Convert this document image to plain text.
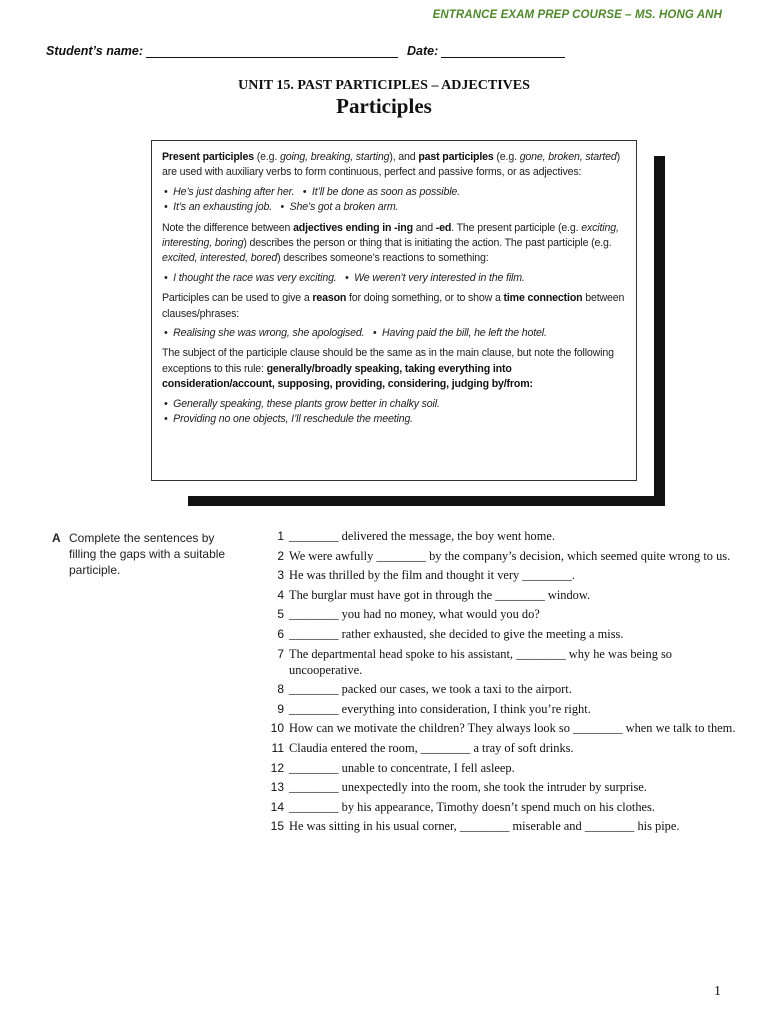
ENTRANCE EXAM PREP COURSE – MS. HONG ANH
Student’s name:	Date:
UNIT 15. PAST PARTICIPLES – ADJECTIVES
Participles

Present participles (e.g. going, breaking, starting), and past participles (e.g. gone, broken, started) are used with auxiliary verbs to form continuous, perfect and passive forms, or as adjectives:

•  He’s just dashing after her.   •  It’ll be done as soon as possible.
•  It’s an exhausting job.   •  She’s got a broken arm.

Note the difference between adjectives ending in -ing and -ed. The present participle (e.g. exciting, interesting, boring) describes the person or thing that is initiating the action. The past participle (e.g. excited, interested, bored) describes someone’s reactions to something:

•  I thought the race was very exciting.   •  We weren’t very interested in the film.

Participles can be used to give a reason for doing something, or to show a time connection between clauses/phrases:

•  Realising she was wrong, she apologised.   •  Having paid the bill, he left the hotel.

The subject of the participle clause should be the same as in the main clause, but note the following exceptions to this rule: generally/broadly speaking, taking everything into consideration/account, supposing, providing, considering, judging by/from:

•  Generally speaking, these plants grow better in chalky soil.
•  Providing no one objects, I’ll reschedule the meeting.
A Complete the sentences by filling the gaps with a suitable participle.
1 ________ delivered the message, the boy went home.
2 We were awfully ________ by the company’s decision, which seemed quite wrong to us.
3 He was thrilled by the film and thought it very ________.
4 The burglar must have got in through the ________ window.
5 ________ you had no money, what would you do?
6 ________ rather exhausted, she decided to give the meeting a miss.
7 The departmental head spoke to his assistant, ________ why he was being so uncooperative.
8 ________ packed our cases, we took a taxi to the airport.
9 ________ everything into consideration, I think you’re right.
10 How can we motivate the children? They always look so ________ when we talk to them.
11 Claudia entered the room, ________ a tray of soft drinks.
12 ________ unable to concentrate, I fell asleep.
13 ________ unexpectedly into the room, she took the intruder by surprise.
14 ________ by his appearance, Timothy doesn’t spend much on his clothes.
15 He was sitting in his usual corner, ________ miserable and ________ his pipe.
1
